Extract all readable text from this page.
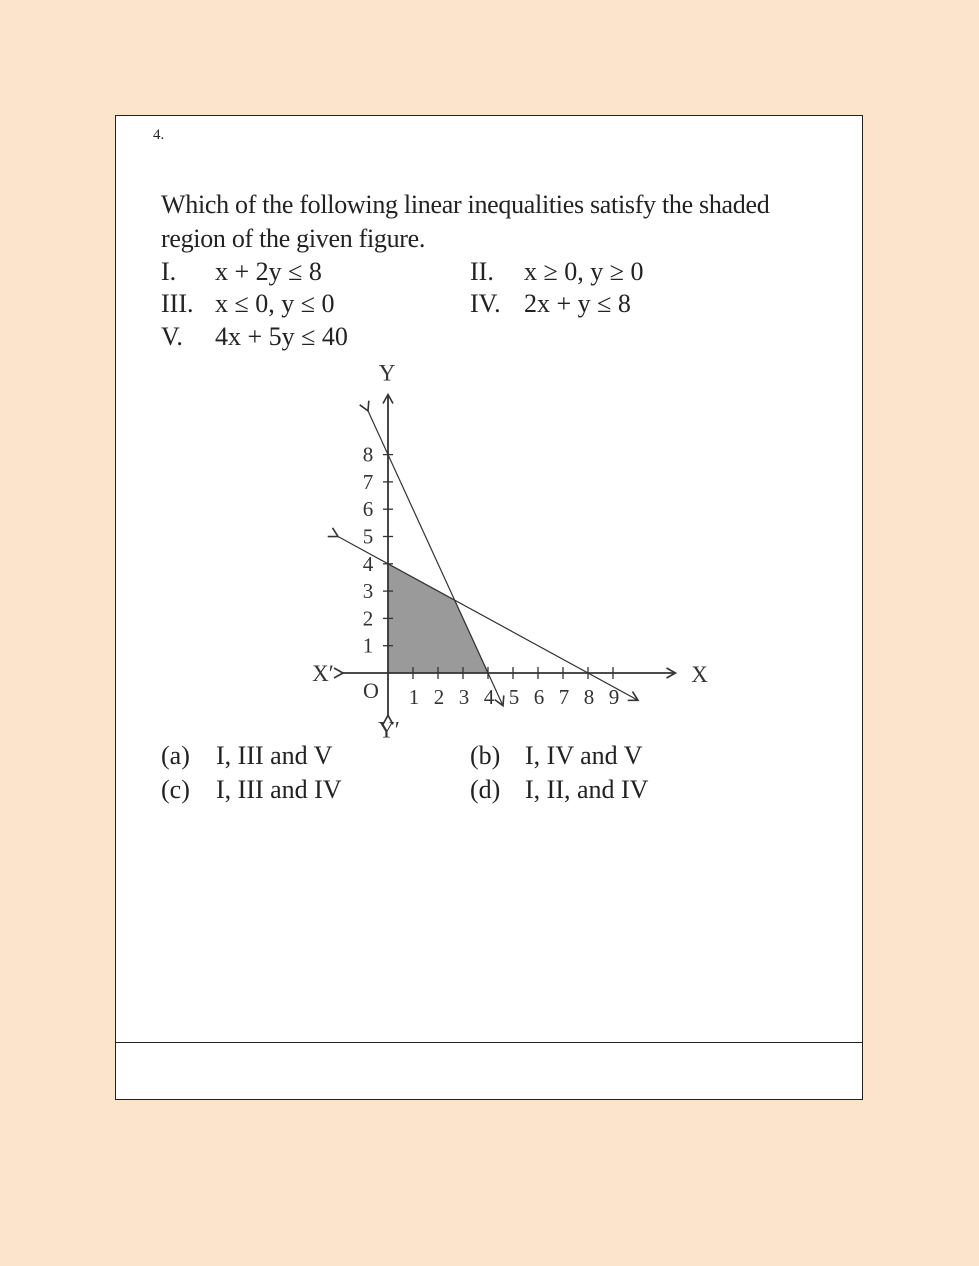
4.
Which of the following linear inequalities satisfy the shaded region of the given figure.
I. x + 2y ≤ 8	II. x ≥ 0, y ≥ 0
III. x ≤ 0, y ≤ 0	IV. 2x + y ≤ 8
V. 4x + 5y ≤ 40
(a) I, III and V	(b) I, IV and V
(c) I, III and IV	(d) I, II, and IV
1 2 3 4 5 6 7 8 9
1
2
3
4
5
6
7
8
X
X′
Y
Y′
O
